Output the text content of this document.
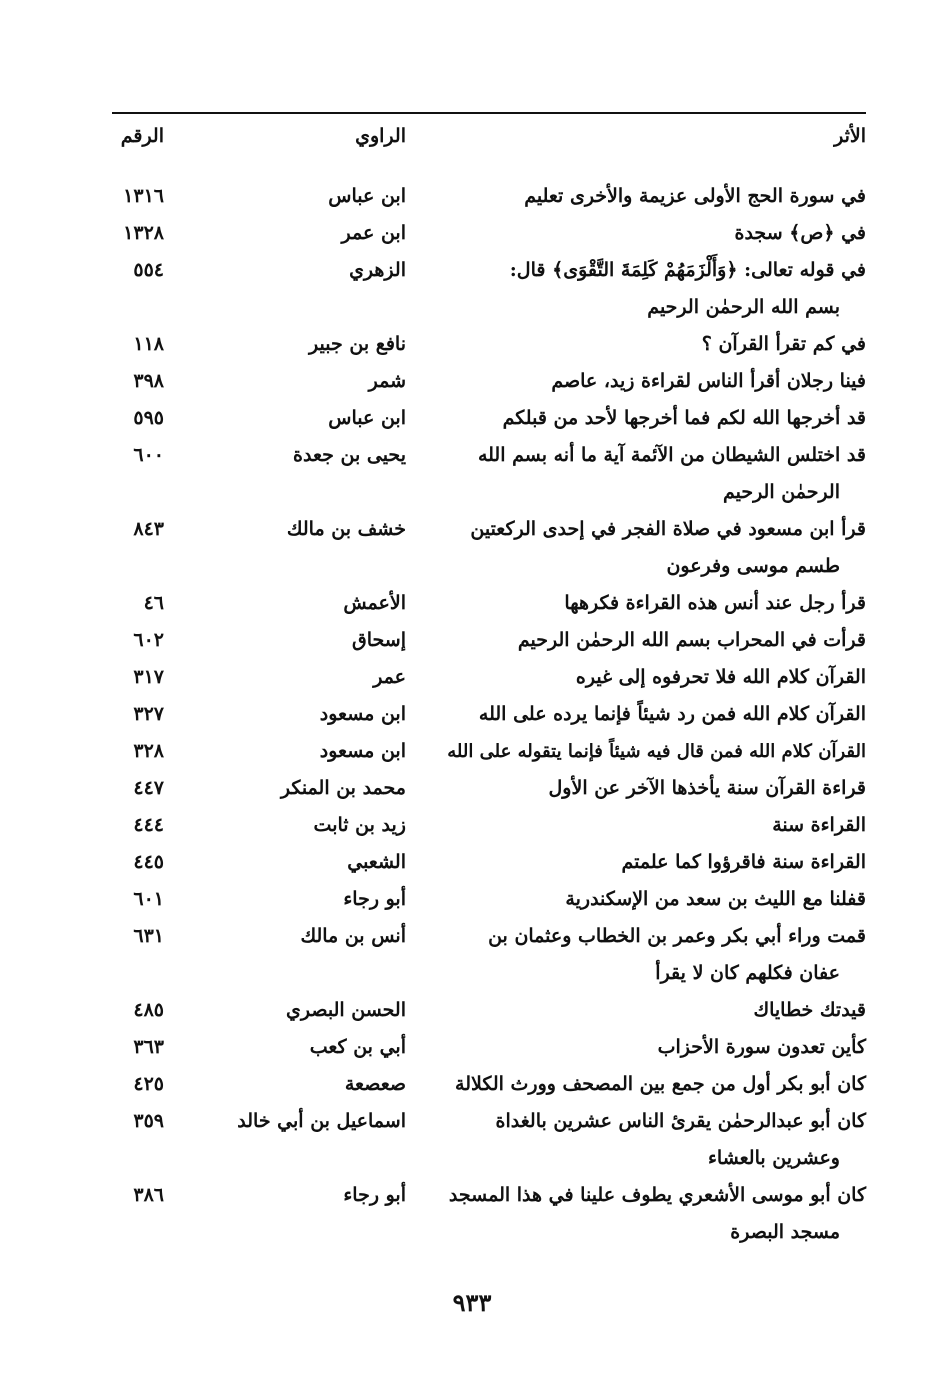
الأثر
الراوي
الرقم
في سورة الحج الأولى عزيمة والأخرى تعليم
ابن عباس
١٣١٦
في ﴿ص﴾ سجدة
ابن عمر
١٣٢٨
في قوله تعالى: ﴿وَأَلْزَمَهُمْ كَلِمَةَ التَّقْوَى﴾ قال:
الزهري
٥٥٤
بسم الله الرحمٰن الرحيم
في كم تقرأ القرآن ؟
نافع بن جبير
١١٨
فينا رجلان أقرأ الناس لقراءة زيد، عاصم
شمر
٣٩٨
قد أخرجها الله لكم فما أخرجها لأحد من قبلكم
ابن عباس
٥٩٥
قد اختلس الشيطان من الآئمة آية ما أنه بسم الله
يحيى بن جعدة
٦٠٠
الرحمٰن الرحيم
قرأ ابن مسعود في صلاة الفجر في إحدى الركعتين
خشف بن مالك
٨٤٣
طسم موسى وفرعون
قرأ رجل عند أنس هذه القراءة فكرهها
الأعمش
٤٦
قرأت في المحراب بسم الله الرحمٰن الرحيم
إسحاق
٦٠٢
القرآن كلام الله فلا تحرفوه إلى غيره
عمر
٣١٧
القرآن كلام الله فمن رد شيئاً فإنما يرده على الله
ابن مسعود
٣٢٧
القرآن كلام الله فمن قال فيه شيئاً فإنما يتقوله على الله
ابن مسعود
٣٢٨
قراءة القرآن سنة يأخذها الآخر عن الأول
محمد بن المنكر
٤٤٧
القراءة سنة
زيد بن ثابت
٤٤٤
القراءة سنة فاقرؤوا كما علمتم
الشعبي
٤٤٥
قفلنا مع الليث بن سعد من الإسكندرية
أبو رجاء
٦٠١
قمت وراء أبي بكر وعمر بن الخطاب وعثمان بن
أنس بن مالك
٦٣١
عفان فكلهم كان لا يقرأ
قيدتك خطاياك
الحسن البصري
٤٨٥
كأين تعدون سورة الأحزاب
أبي بن كعب
٣٦٣
كان أبو بكر أول من جمع بين المصحف وورث الكلالة
صعصعة
٤٢٥
كان أبو عبدالرحمٰن يقرئ الناس عشرين بالغداة
اسماعيل بن أبي خالد
٣٥٩
وعشرين بالعشاء
كان أبو موسى الأشعري يطوف علينا في هذا المسجد
أبو رجاء
٣٨٦
مسجد البصرة
٩٣٣
